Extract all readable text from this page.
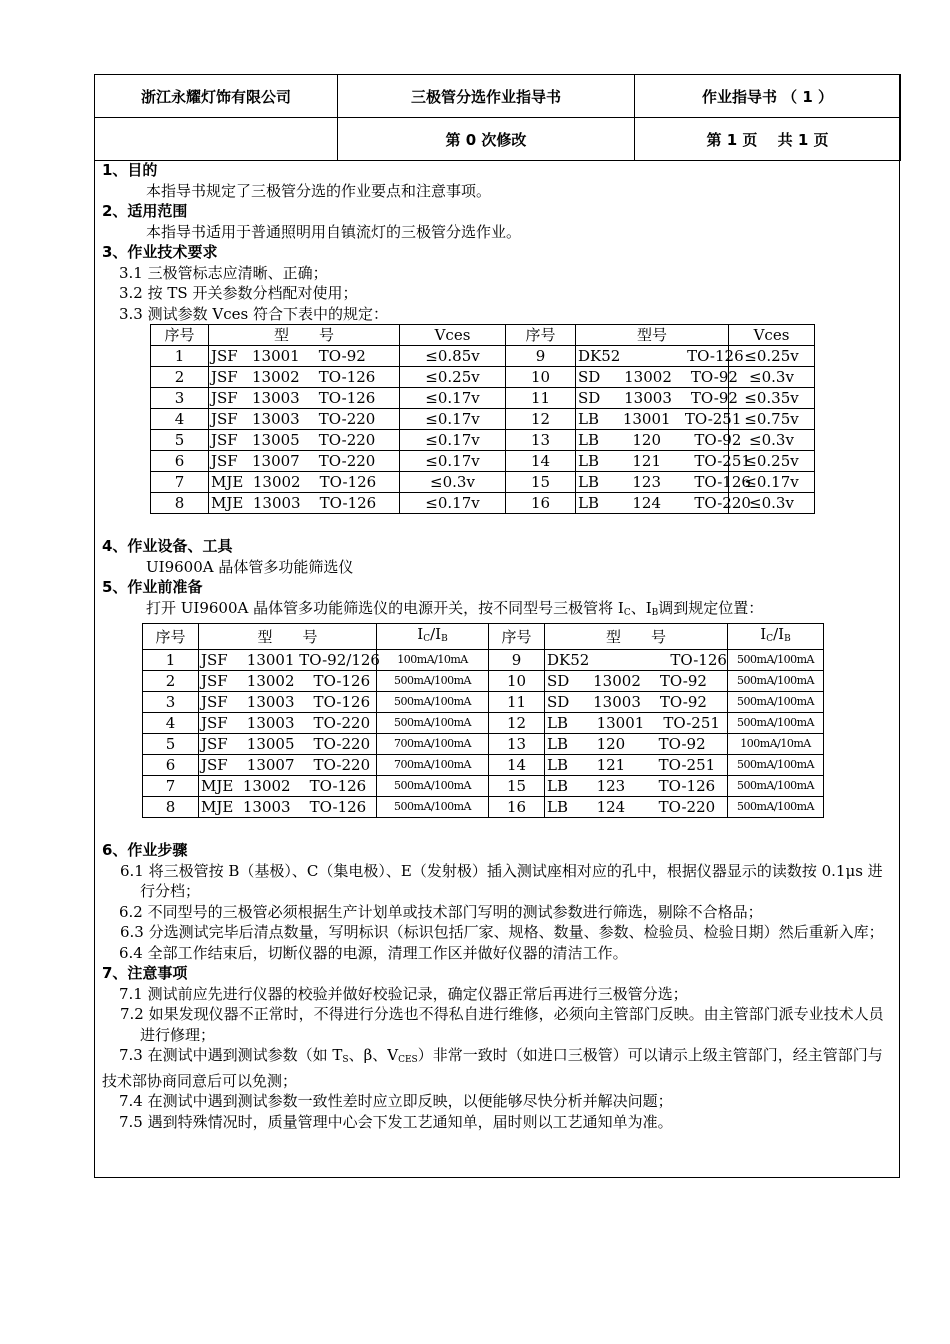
浙江永耀灯饰有限公司	三极管分选作业指导书	作业指导书 （ 1 ）
	第 0 次修改	第 1 页　 共 1 页
1、目的
本指导书规定了三极管分选的作业要点和注意事项。
2、适用范围
本指导书适用于普通照明用自镇流灯的三极管分选作业。
3、作业技术要求
3.1 三极管标志应清晰、正确；
3.2 按 TS 开关参数分档配对使用；
3.3 测试参数 Vces 符合下表中的规定：
序号	型　　号	Vces	序号	型号	Vces
1	JSF   13001    TO-92	≤0.85v	9	DK52              TO-126	≤0.25v
2	JSF   13002    TO-126	≤0.25v	10	SD     13002    TO-92	≤0.3v
3	JSF   13003    TO-126	≤0.17v	11	SD     13003    TO-92	≤0.35v
4	JSF   13003    TO-220	≤0.17v	12	LB     13001   TO-251	≤0.75v
5	JSF   13005    TO-220	≤0.17v	13	LB       120       TO-92	≤0.3v
6	JSF   13007    TO-220	≤0.17v	14	LB       121       TO-251	≤0.25v
7	MJE  13002    TO-126	≤0.3v	15	LB       123       TO-126	≤0.17v
8	MJE  13003    TO-126	≤0.17v	16	LB       124       TO-220	≤0.3v
4、作业设备、工具
UI9600A 晶体管多功能筛选仪
5、作业前准备
打开 UI9600A 晶体管多功能筛选仪的电源开关，按不同型号三极管将 $I_C$、$I_B$调到规定位置：
序号	型　　号	$I_C/I_B$	序号	型　　号	$I_C/I_B$
1	JSF    13001 TO-92/126	100mA/10mA	9	DK52                 TO-126	500mA/100mA
2	JSF    13002    TO-126	500mA/100mA	10	SD     13002    TO-92	500mA/100mA
3	JSF    13003    TO-126	500mA/100mA	11	SD     13003    TO-92	500mA/100mA
4	JSF    13003    TO-220	500mA/100mA	12	LB      13001    TO-251	500mA/100mA
5	JSF    13005    TO-220	700mA/100mA	13	LB      120       TO-92	100mA/10mA
6	JSF    13007    TO-220	700mA/100mA	14	LB      121       TO-251	500mA/100mA
7	MJE  13002    TO-126	500mA/100mA	15	LB      123       TO-126	500mA/100mA
8	MJE  13003    TO-126	500mA/100mA	16	LB      124       TO-220	500mA/100mA
6、作业步骤
6.1 将三极管按 B（基极）、C（集电极）、E（发射极）插入测试座相对应的孔中，根据仪器显示的读数按 0.1μs 进行分档；
6.2 不同型号的三极管必须根据生产计划单或技术部门写明的测试参数进行筛选，剔除不合格品；
6.3 分选测试完毕后清点数量，写明标识（标识包括厂家、规格、数量、参数、检验员、检验日期）然后重新入库；
6.4 全部工作结束后，切断仪器的电源，清理工作区并做好仪器的清洁工作。
7、注意事项
7.1 测试前应先进行仪器的校验并做好校验记录，确定仪器正常后再进行三极管分选；
7.2 如果发现仪器不正常时，不得进行分选也不得私自进行维修，必须向主管部门反映。由主管部门派专业技术人员进行修理；
7.3 在测试中遇到测试参数（如 $T_S$、β、$V_{CES}$）非常一致时（如进口三极管）可以请示上级主管部门，经主管部门与技术部协商同意后可以免测；
7.4 在测试中遇到测试参数一致性差时应立即反映，以便能够尽快分析并解决问题；
7.5 遇到特殊情况时，质量管理中心会下发工艺通知单，届时则以工艺通知单为准。
